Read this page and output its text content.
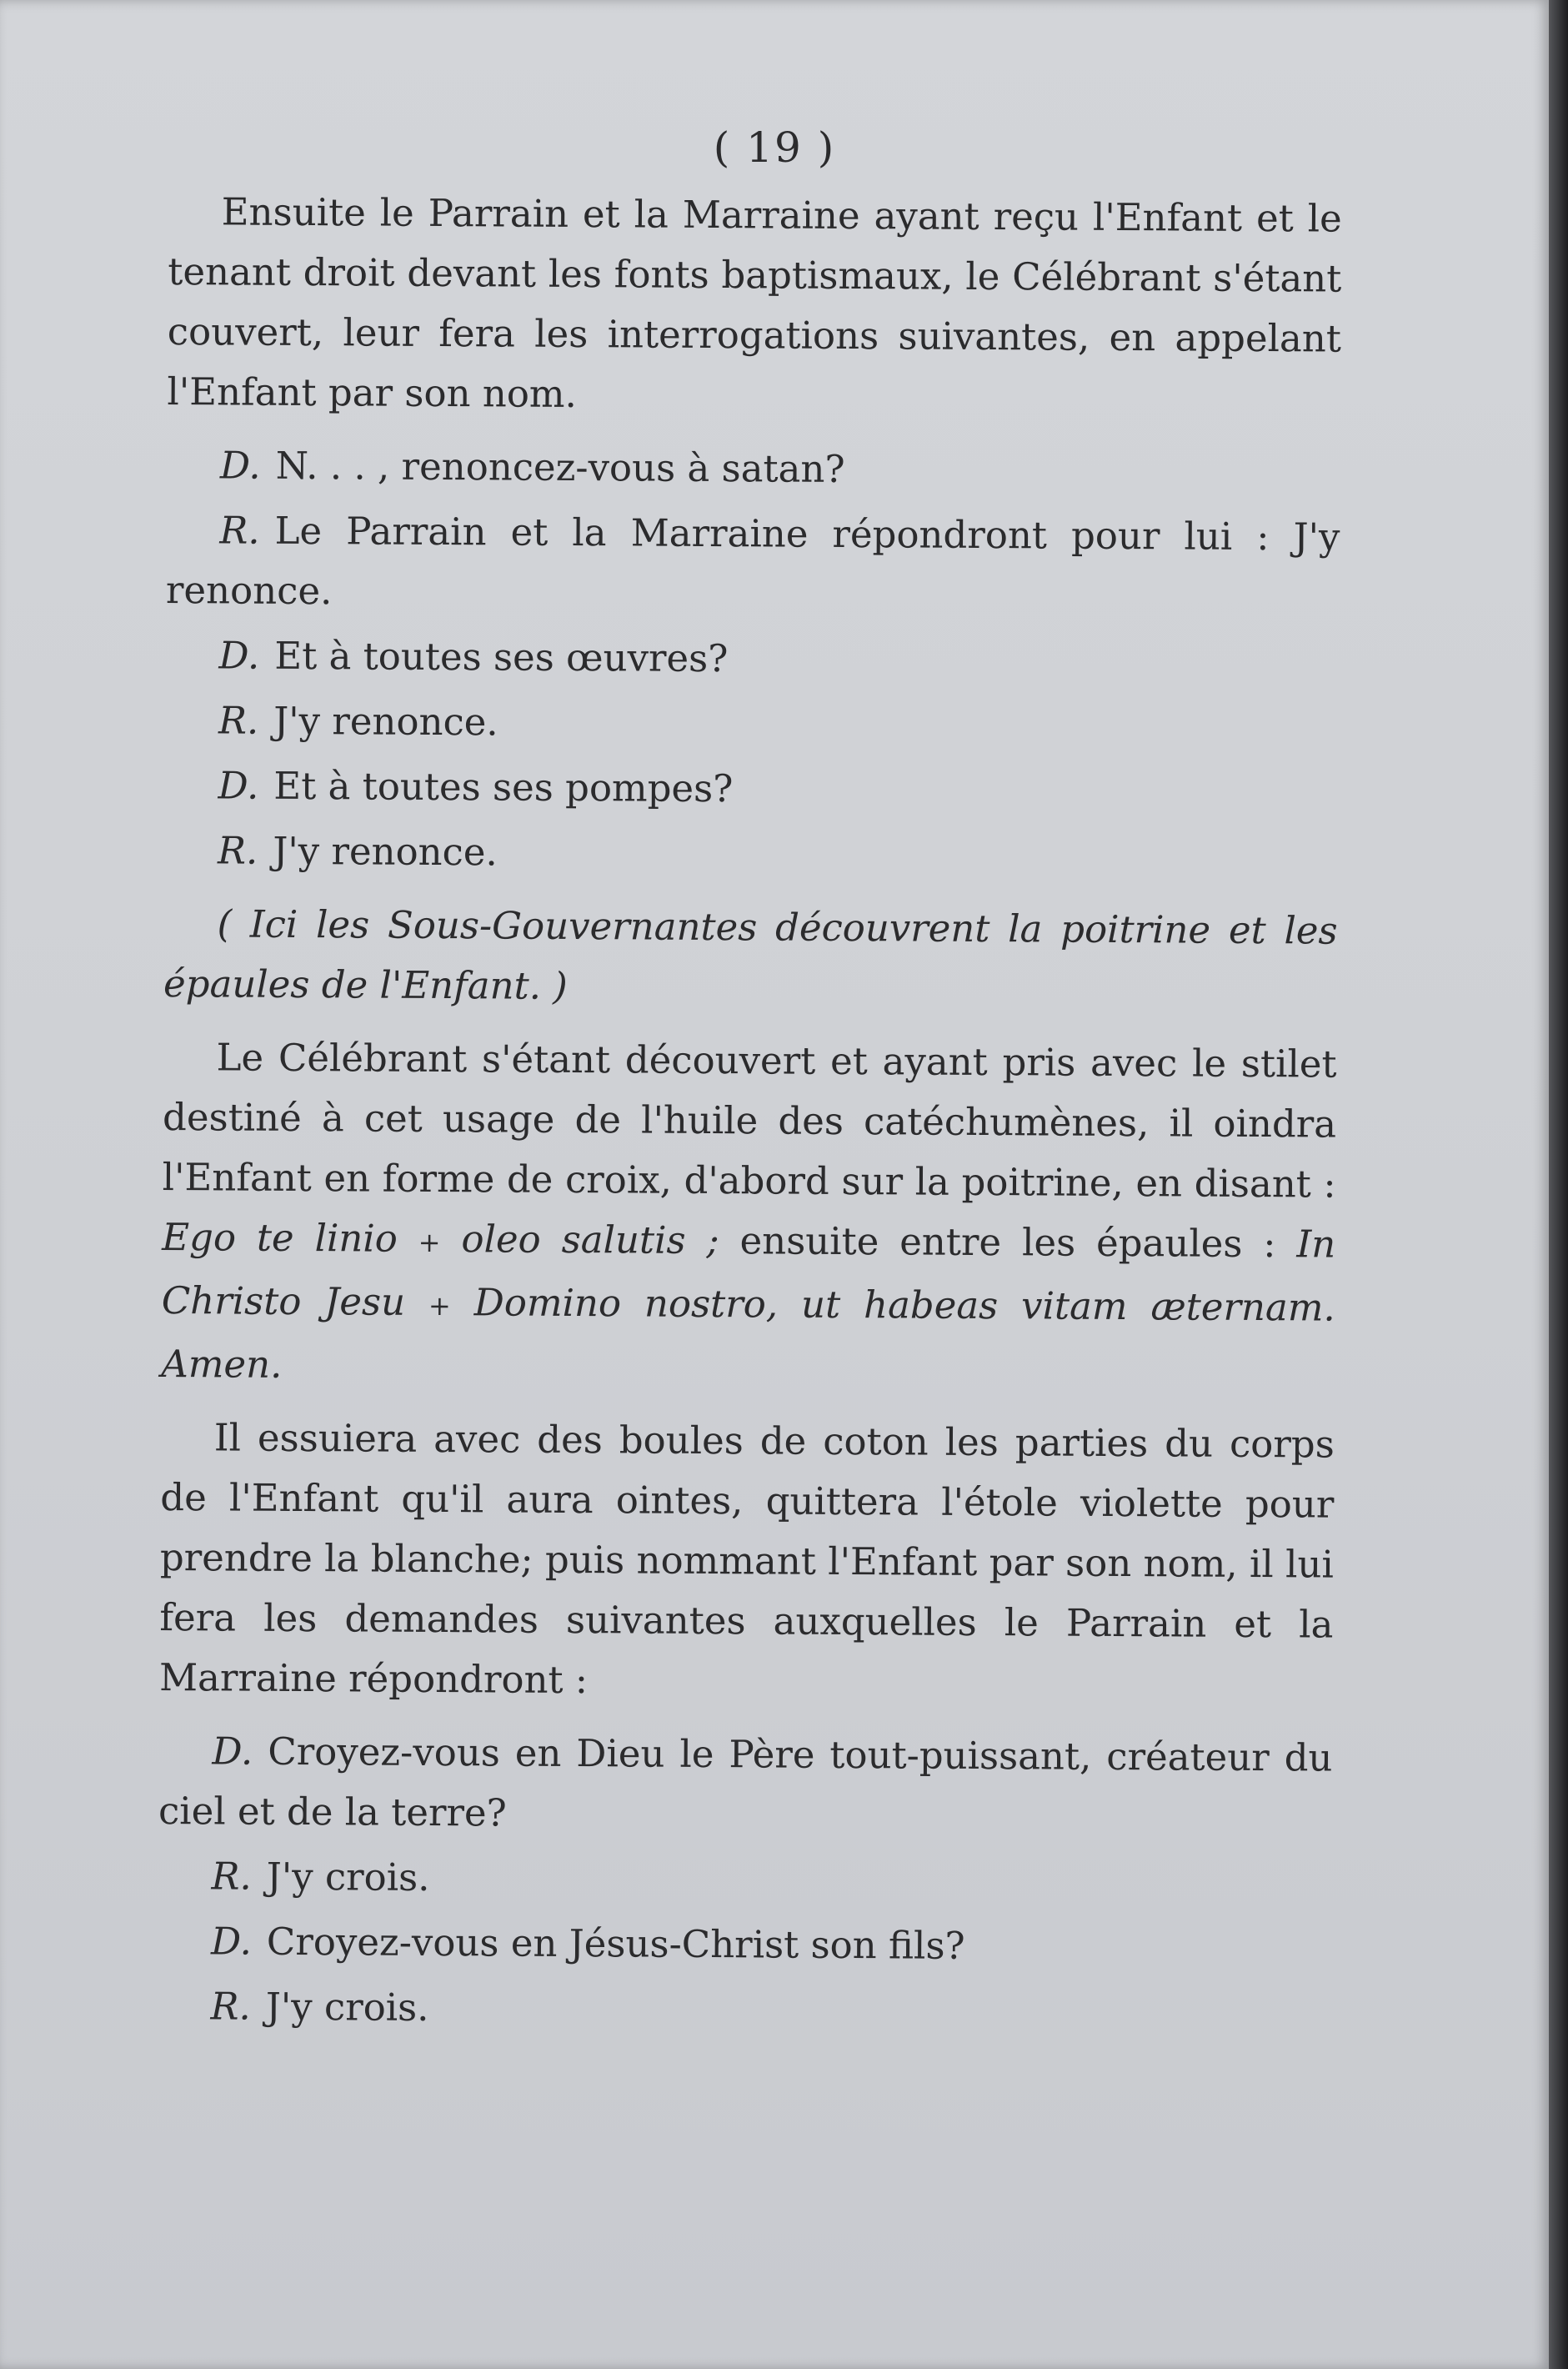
( 19 )

Ensuite le Parrain et la Marraine ayant reçu l'Enfant et le tenant droit devant les fonts baptismaux, le Célébrant s'étant couvert, leur fera les interrogations suivantes, en appelant l'Enfant par son nom.

D. N. . . , renoncez-vous à satan?

R. Le Parrain et la Marraine répondront pour lui : J'y renonce.

D. Et à toutes ses œuvres?

R. J'y renonce.

D. Et à toutes ses pompes?

R. J'y renonce.

( Ici les Sous-Gouvernantes découvrent la poitrine et les épaules de l'Enfant. )

Le Célébrant s'étant découvert et ayant pris avec le stilet destiné à cet usage de l'huile des catéchumènes, il oindra l'Enfant en forme de croix, d'abord sur la poitrine, en disant : Ego te linio + oleo salutis ; ensuite entre les épaules : In Christo Jesu + Domino nostro, ut habeas vitam æternam. Amen.

Il essuiera avec des boules de coton les parties du corps de l'Enfant qu'il aura ointes, quittera l'étole violette pour prendre la blanche; puis nommant l'Enfant par son nom, il lui fera les demandes suivantes auxquelles le Parrain et la Marraine répondront :

D. Croyez-vous en Dieu le Père tout-puissant, créateur du ciel et de la terre?

R. J'y crois.

D. Croyez-vous en Jésus-Christ son fils?

R. J'y crois.
